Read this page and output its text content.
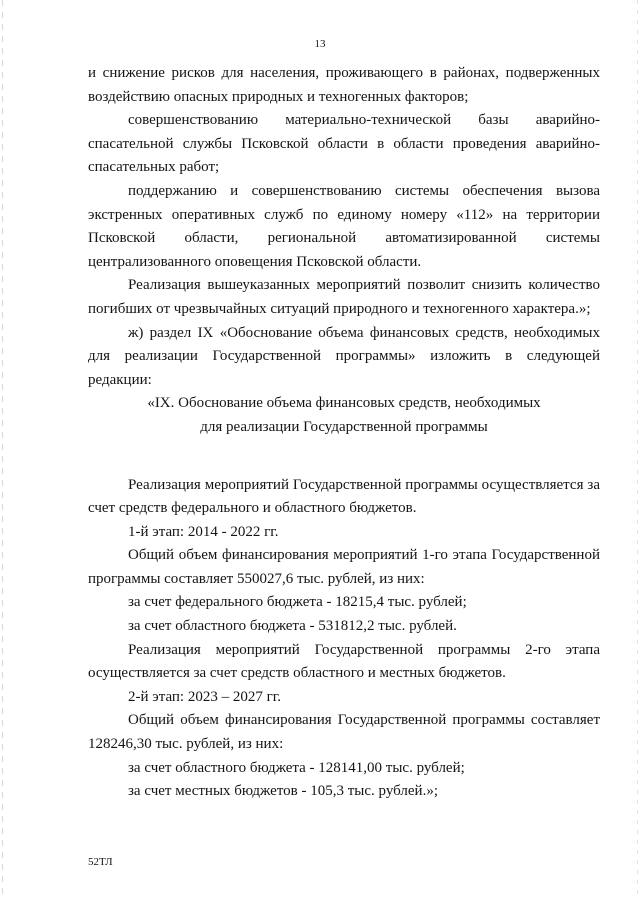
13

и снижение рисков для населения, проживающего в районах, подверженных воздействию опасных природных и техногенных факторов;

совершенствованию материально-технической базы аварийно-спасательной службы Псковской области в области проведения аварийно-спасательных работ;

поддержанию и совершенствованию системы обеспечения вызова экстренных оперативных служб по единому номеру «112» на территории Псковской области, региональной автоматизированной системы централизованного оповещения Псковской области.

Реализация вышеуказанных мероприятий позволит снизить количество погибших от чрезвычайных ситуаций природного и техногенного характера.»;

ж) раздел IX «Обоснование объема финансовых средств, необходимых для реализации Государственной программы» изложить в следующей редакции:

«IX. Обоснование объема финансовых средств, необходимых

для реализации Государственной программы

Реализация мероприятий Государственной программы осуществляется за счет средств федерального и областного бюджетов.

1-й этап: 2014 - 2022 гг.

Общий объем финансирования мероприятий 1-го этапа Государственной программы составляет 550027,6 тыс. рублей, из них:

за счет федерального бюджета - 18215,4 тыс. рублей;

за счет областного бюджета - 531812,2 тыс. рублей.

Реализация мероприятий Государственной программы 2-го этапа осуществляется за счет средств областного и местных бюджетов.

2-й этап: 2023 – 2027 гг.

Общий объем финансирования Государственной программы составляет 128246,30 тыс. рублей, из них:

за счет областного бюджета - 128141,00 тыс. рублей;

за счет местных бюджетов - 105,3 тыс. рублей.»;

52ТЛ
